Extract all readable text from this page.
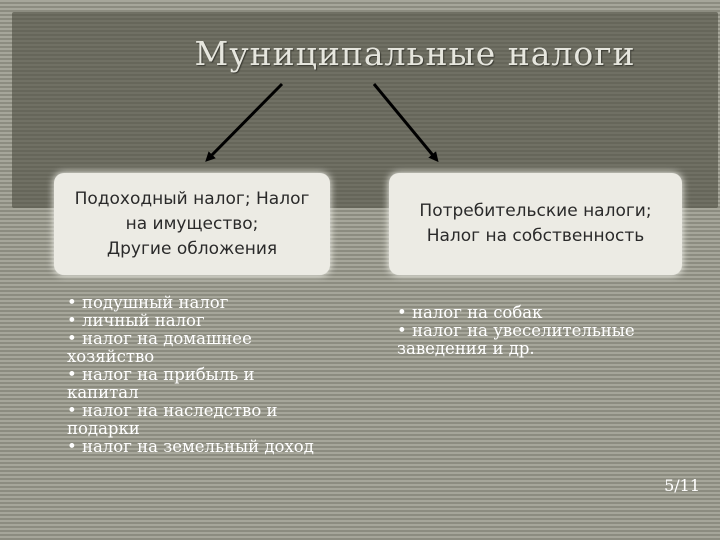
Муниципальные налоги
Подоходный налог; Налог
на имущество;
Другие обложения
Потребительские налоги;
Налог на собственность
• подушный налог
• личный налог
• налог на домашнее хозяйство
• налог на прибыль и капитал
• налог на наследство и подарки
• налог на земельный доход
• налог на собак
• налог на увеселительные заведения и др.
5/11
